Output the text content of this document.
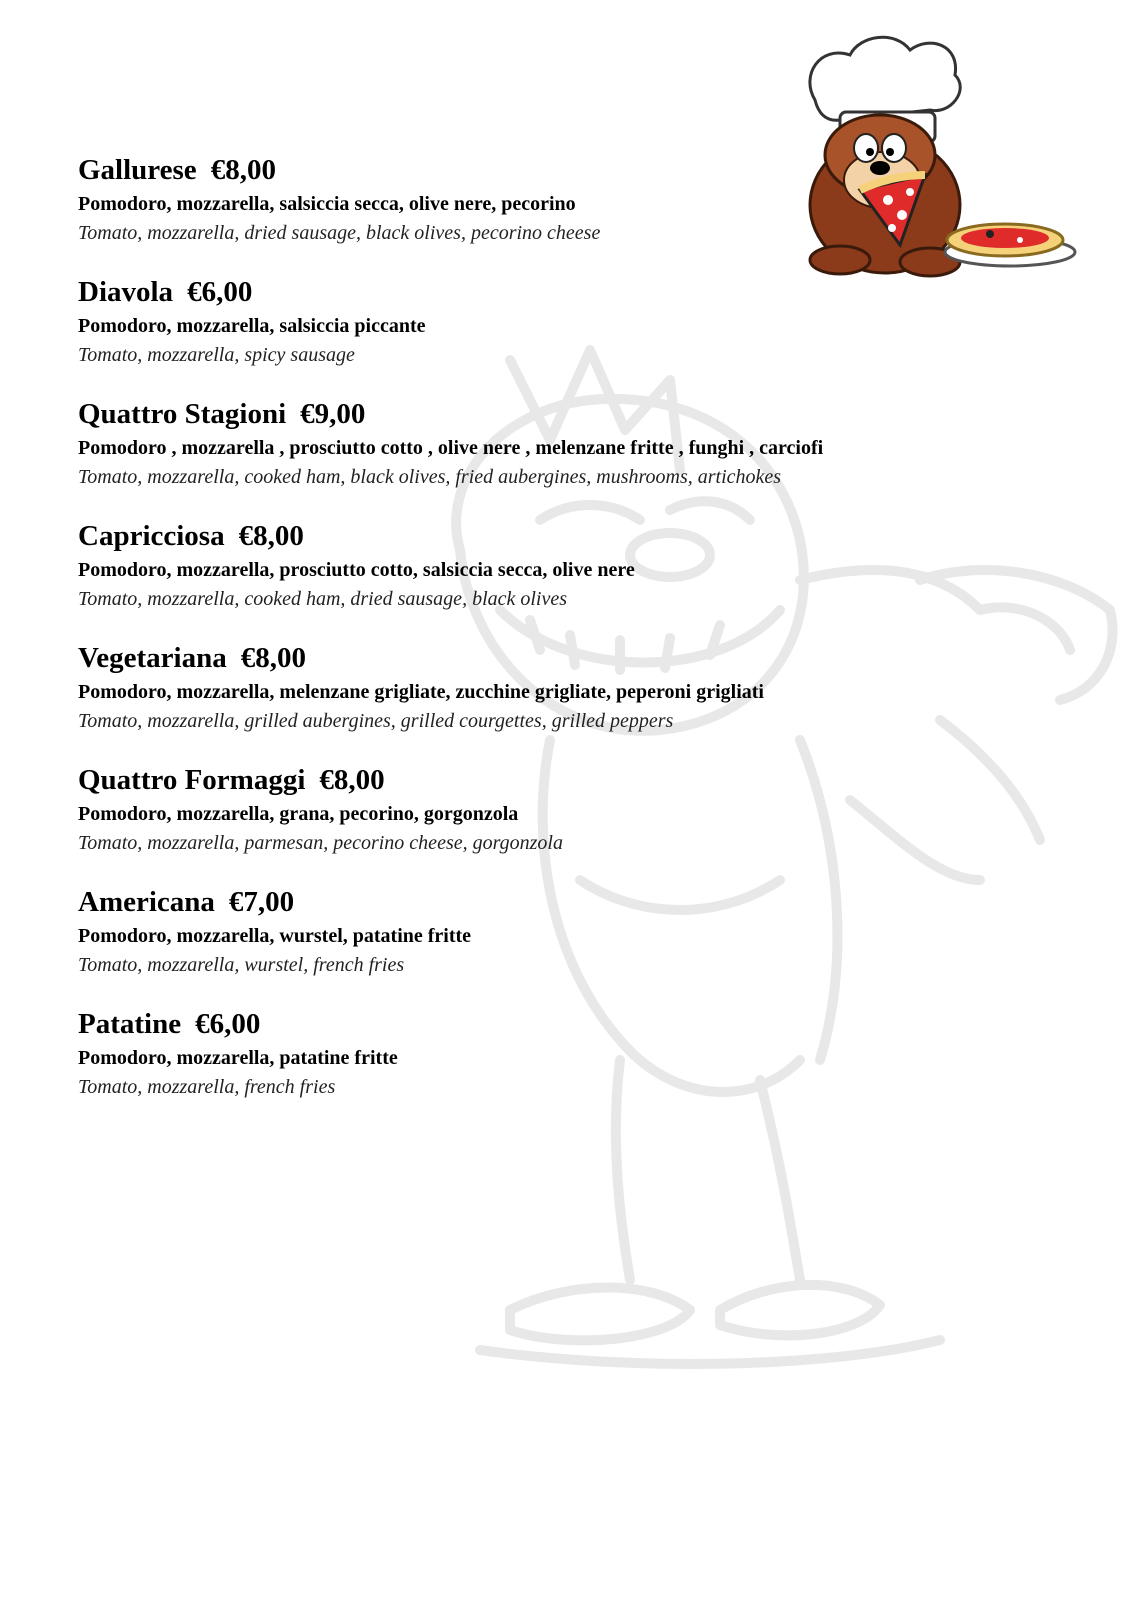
Gallurese €8,00
Pomodoro, mozzarella, salsiccia secca, olive nere, pecorino
Tomato, mozzarella, dried sausage, black olives, pecorino cheese
Diavola €6,00
Pomodoro, mozzarella, salsiccia piccante
Tomato, mozzarella, spicy sausage
Quattro Stagioni €9,00
Pomodoro , mozzarella , prosciutto cotto , olive nere , melenzane fritte , funghi , carciofi
Tomato, mozzarella, cooked ham, black olives, fried aubergines, mushrooms, artichokes
Capricciosa €8,00
Pomodoro, mozzarella, prosciutto cotto, salsiccia secca, olive nere
Tomato, mozzarella, cooked ham, dried sausage, black olives
Vegetariana €8,00
Pomodoro, mozzarella, melenzane grigliate, zucchine grigliate, peperoni grigliati
Tomato, mozzarella, grilled aubergines, grilled courgettes, grilled peppers
Quattro Formaggi €8,00
Pomodoro, mozzarella, grana, pecorino, gorgonzola
Tomato, mozzarella, parmesan, pecorino cheese, gorgonzola
Americana €7,00
Pomodoro, mozzarella, wurstel, patatine fritte
Tomato, mozzarella, wurstel, french fries
Patatine €6,00
Pomodoro, mozzarella, patatine fritte
Tomato, mozzarella, french fries
